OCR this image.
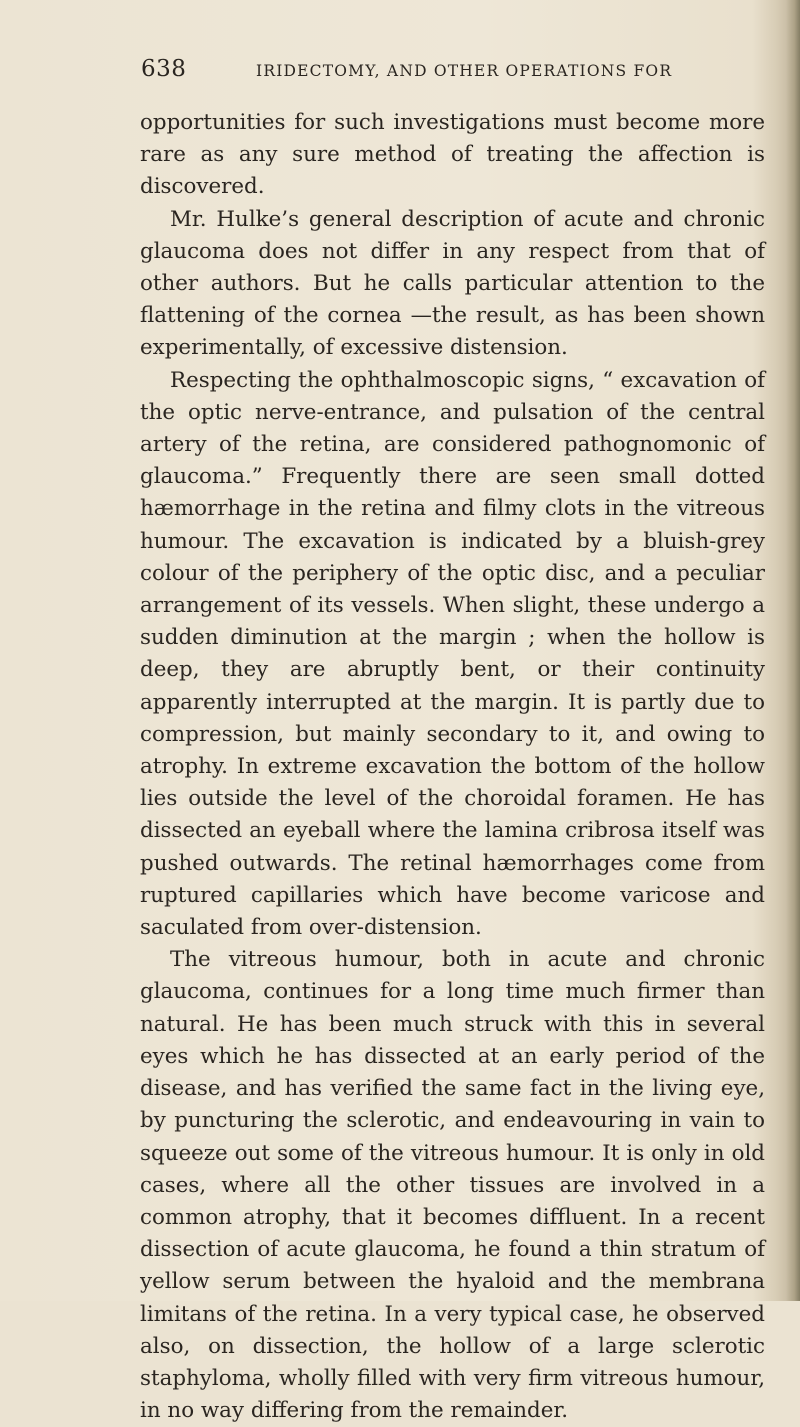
638	IRIDECTOMY, AND OTHER OPERATIONS FOR

opportunities for such investigations must become more rare as any sure method of treating the affection is discovered.

Mr. Hulke’s general description of acute and chronic glaucoma does not differ in any respect from that of other authors. But he calls particular attention to the flattening of the cornea —the result, as has been shown experimentally, of excessive distension.

Respecting the ophthalmoscopic signs, “ excavation of the optic nerve-entrance, and pulsation of the central artery of the retina, are considered pathognomonic of glaucoma.” Frequently there are seen small dotted hæmorrhage in the retina and filmy clots in the vitreous humour. The excavation is indicated by a bluish-grey colour of the periphery of the optic disc, and a peculiar arrangement of its vessels. When slight, these undergo a sudden diminution at the margin ; when the hollow is deep, they are abruptly bent, or their continuity apparently interrupted at the margin. It is partly due to compression, but mainly secondary to it, and owing to atrophy. In extreme excavation the bottom of the hollow lies outside the level of the choroidal foramen. He has dissected an eyeball where the lamina cribrosa itself was pushed outwards. The retinal hæmorrhages come from ruptured capillaries which have become varicose and saculated from over-distension.

The vitreous humour, both in acute and chronic glaucoma, continues for a long time much firmer than natural. He has been much struck with this in several eyes which he has dissected at an early period of the disease, and has verified the same fact in the living eye, by puncturing the sclerotic, and endeavouring in vain to squeeze out some of the vitreous humour. It is only in old cases, where all the other tissues are involved in a common atrophy, that it becomes diffluent. In a recent dissection of acute glaucoma, he found a thin stratum of yellow serum between the hyaloid and the membrana limitans of the retina. In a very typical case, he observed also, on dissection, the hollow of a large sclerotic staphyloma, wholly filled with very firm vitreous humour, in no way differing from the remainder.
